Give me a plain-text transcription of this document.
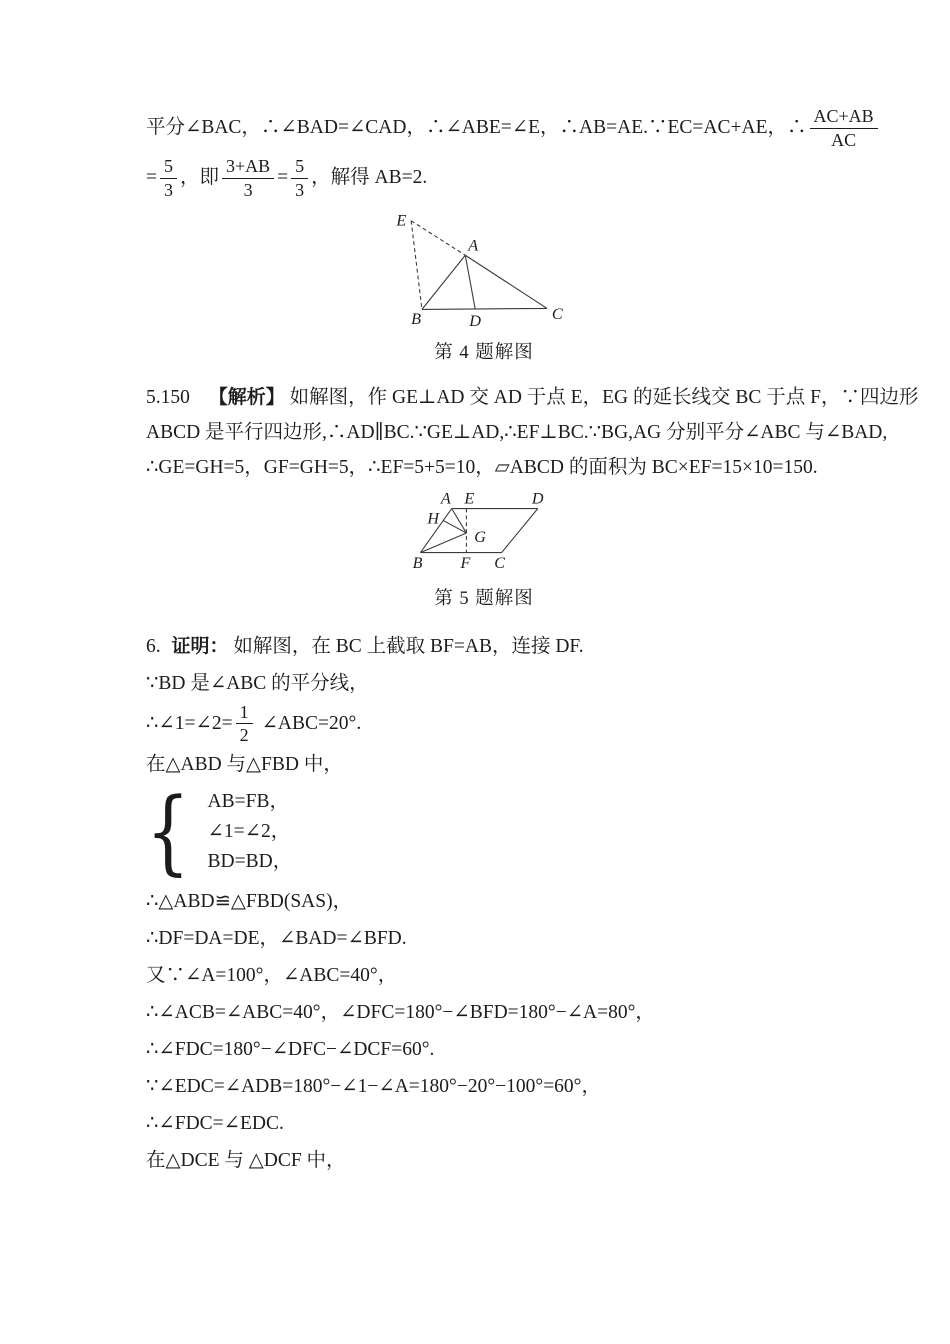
平分∠BAC，∴∠BAD=∠CAD，∴∠ABE=∠E，∴AB=AE.∵EC=AC+AE，∴ $\frac{AC+AB}{AC}$

= $\frac{5}{3}$ ，即 $\frac{3+AB}{3} = \frac{5}{3}$ ，解得 AB=2.

E
A
B	D	C
第 4 题解图

5.150 【解析】 如解图，作 GE⊥AD 交 AD 于点 E，EG 的延长线交 BC 于点 F，∵四边形

ABCD 是平行四边形,∴AD∥BC.∵GE⊥AD,∴EF⊥BC.∵BG,AG 分别平分∠ABC 与∠BAD,

∴GE=GH=5，GF=GH=5，∴EF=5+5=10，▱ABCD 的面积为 BC×EF=15×10=150.

A E	D
H
G
B F C
第 5 题解图
6. 证明： 如解图，在 BC 上截取 BF=AB，连接 DF.
∵BD 是∠ABC 的平分线，
∴∠1=∠2= $\frac{1}{2}$ ∠ABC=20°.
在△ABD 与△FBD 中，
{ AB=FB，
∠1=∠2，
BD=BD，
∴△ABD≌△FBD(SAS)，
∴DF=DA=DE，∠BAD=∠BFD.
又∵∠A=100°，∠ABC=40°，
∴∠ACB=∠ABC=40°，∠DFC=180°−∠BFD=180°−∠A=80°，
∴∠FDC=180°−∠DFC−∠DCF=60°.
∵∠EDC=∠ADB=180°−∠1−∠A=180°−20°−100°=60°，
∴∠FDC=∠EDC.
在△DCE 与 △DCF 中，
